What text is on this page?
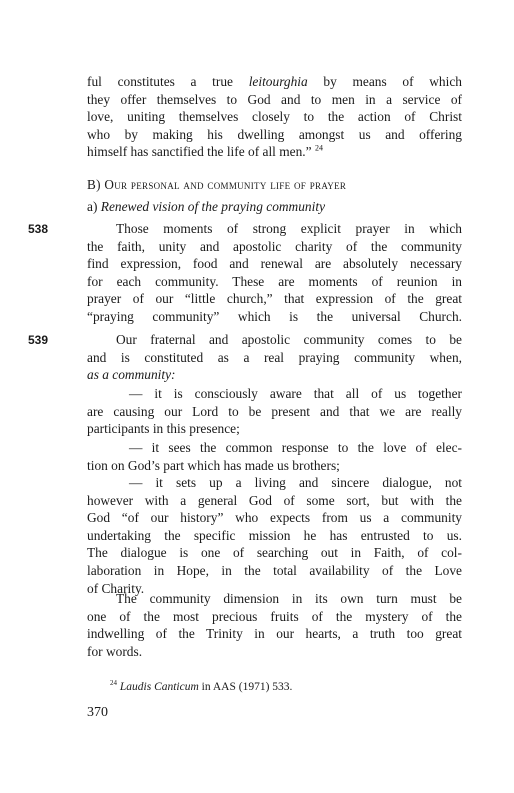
ful constitutes a true leitourghia by means of which
they offer themselves to God and to men in a service of
love, uniting themselves closely to the action of Christ
who by making his dwelling amongst us and offering
himself has sanctified the life of all men.” $^{24}$
B) Our personal and community life of prayer
a) Renewed vision of the praying community
538
539
Those moments of strong explicit prayer in which
the faith, unity and apostolic charity of the community
find expression, food and renewal are absolutely necessary
for each community. These are moments of reunion in
prayer of our “little church,” that expression of the great
“praying community” which is the universal Church.
Our fraternal and apostolic community comes to be
and is constituted as a real praying community when,
as a community:
— it is consciously aware that all of us together
are causing our Lord to be present and that we are really
participants in this presence;
— it sees the common response to the love of elec-
tion on God’s part which has made us brothers;
— it sets up a living and sincere dialogue, not
however with a general God of some sort, but with the
God “of our history” who expects from us a community
undertaking the specific mission he has entrusted to us.
The dialogue is one of searching out in Faith, of col-
laboration in Hope, in the total availability of the Love
of Charity.
The community dimension in its own turn must be
one of the most precious fruits of the mystery of the
indwelling of the Trinity in our hearts, a truth too great
for words.
$^{24}$ Laudis Canticum in AAS (1971) 533.
370
